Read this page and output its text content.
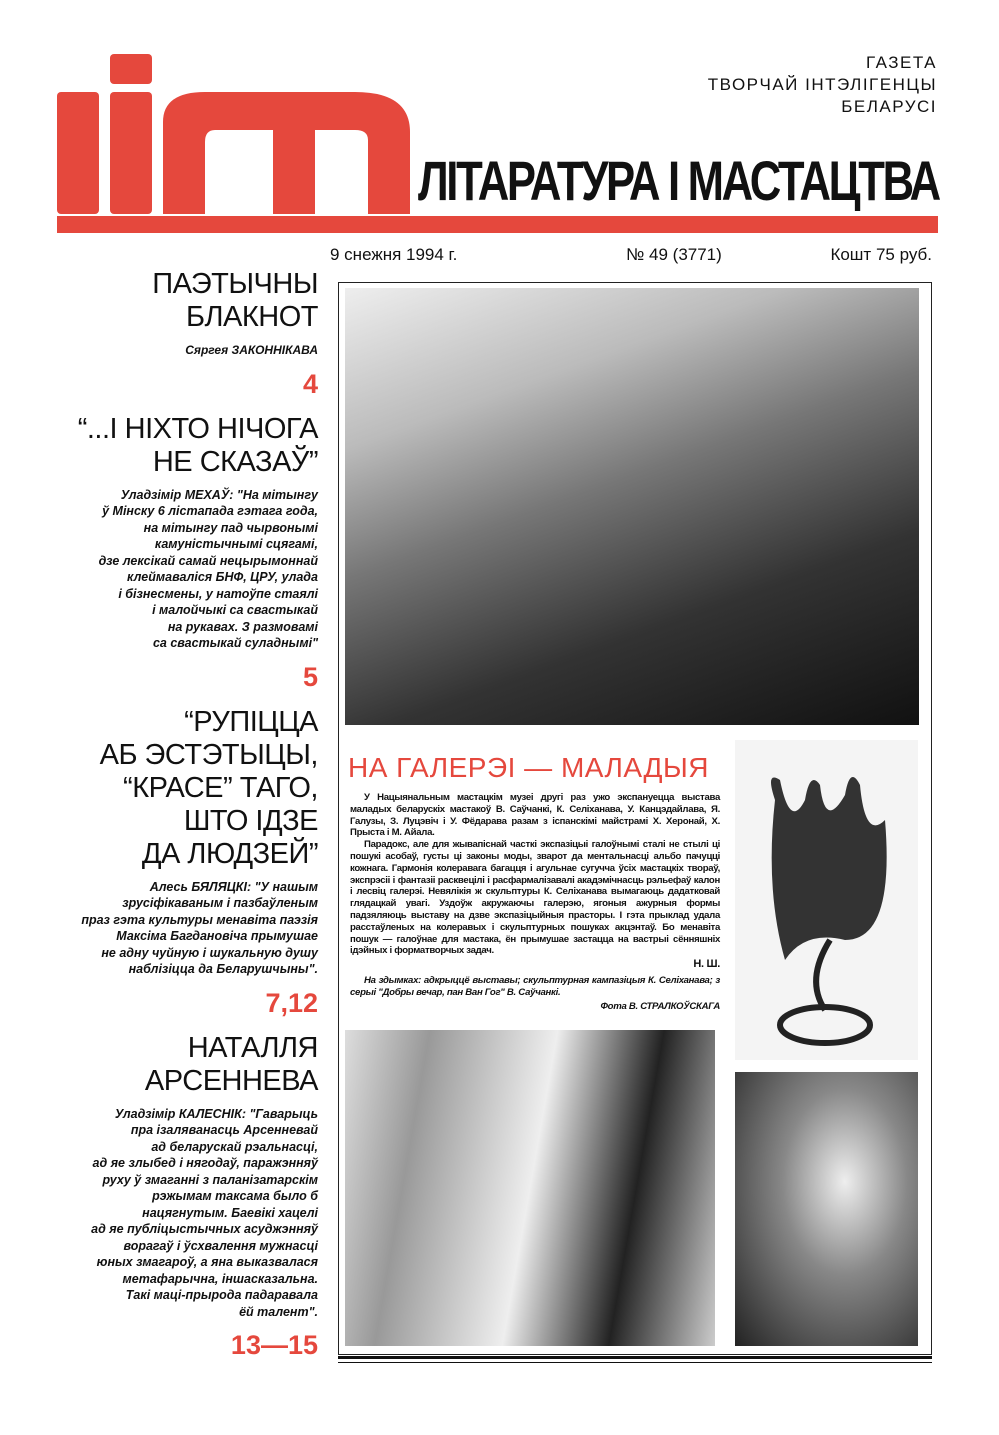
ГАЗЕТА
ТВОРЧАЙ ІНТЭЛІГЕНЦЫ
БЕЛАРУСІ
ЛІТАРАТУРА І МАСТАЦТВА
9 снежня 1994 г.	№ 49 (3771)	Кошт 75 руб.
ПАЭТЫЧНЫ
БЛАКНОТ
Сяргея ЗАКОННІКАВА
4
“...І НІХТО НІЧОГА
НЕ СКАЗАЎ”
Уладзімір МЕХАЎ: "На мітынгу
ў Мінску 6 лістапада гэтага года,
на мітынгу пад чырвонымі
камуністычнымі сцягамі,
дзе лексікай самай нецырымоннай
клеймаваліся БНФ, ЦРУ, улада
і бізнесмены, у натоўпе стаялі
і малойчыкі са свастыкай
на рукавах. З размовамі
са свастыкай суладнымі"
5
“РУПІЦЦА
АБ ЭСТЭТЫЦЫ,
“КРАСЕ” ТАГО,
ШТО ІДЗЕ
ДА ЛЮДЗЕЙ”
Алесь БЯЛЯЦКІ: "У нашым
зрусіфікаваным і пазбаўленым
праз гэта культуры менавіта паэзія
Максіма Багдановіча прымушае
не адну чуйную і шукальную душу
наблізіцца да Беларушчыны".
7,12
НАТАЛЛЯ
АРСЕННЕВА
Уладзімір КАЛЕСНІК: "Гаварыць
пра ізаляванасць Арсенневай
ад беларускай рэальнасці,
ад яе злыбед і нягодаў, паражэнняў
руху ў змаганні з паланізатарскім
рэжымам таксама было б
нацягнутым. Баевікі хацелі
ад яе публіцыстычных асуджэнняў
ворагаў і ўсхвалення мужнасці
юных змагароў, а яна выказвалася
метафарычна, іншасказальна.
Такі маці-прырода падаравала
ёй талент".
13—15
НА ГАЛЕРЭІ — МАЛАДЫЯ

У Нацыянальным мастацкім музеі другі раз ужо экспануецца выстава маладых беларускіх мастакоў В. Саўчанкі, К. Селіханава, У. Канцэдайлава, Я. Галузы, З. Луцэвіч і У. Фёдарава разам з іспанскімі майстрамі Х. Херонай, Х. Прыста і М. Айала.

Парадокс, але для жывапіснай часткі экспазіцыі галоўнымі сталі не стылі ці пошукі асобаў, густы ці законы моды, зварот да ментальнасці альбо пачуцці кожнага. Гармонія колеравага багацця і агульнае сугучча ўсіх мастацкіх твораў, экспрэсіі і фантазіі расквецілі і расфармалізавалі акадэмічнасць рэльефаў калон і лесвіц галерэі. Невялікія ж скульптуры К. Селіханава вымагаюць дадатковай глядацкай увагі. Уздоўж акружаючы галерэю, ягоныя ажурныя формы падзяляюць выставу на дзве экспазіцыйныя прасторы. І гэта прыклад удала расстаўленых на колеравых і скульптурных пошуках акцэнтаў. Бо менавіта пошук — галоўнае для мастака, ён прымушае застацца на вастрыі сённяшніх ідэйных і форматворчых задач.

Н. Ш.
На здымках: адкрыццё выставы; скульптурная кампазіцыя К. Селіханава; з серыі "Добры вечар, пан Ван Гог" В. Саўчанкі.
Фота В. СТРАЛКОЎСКАГА
